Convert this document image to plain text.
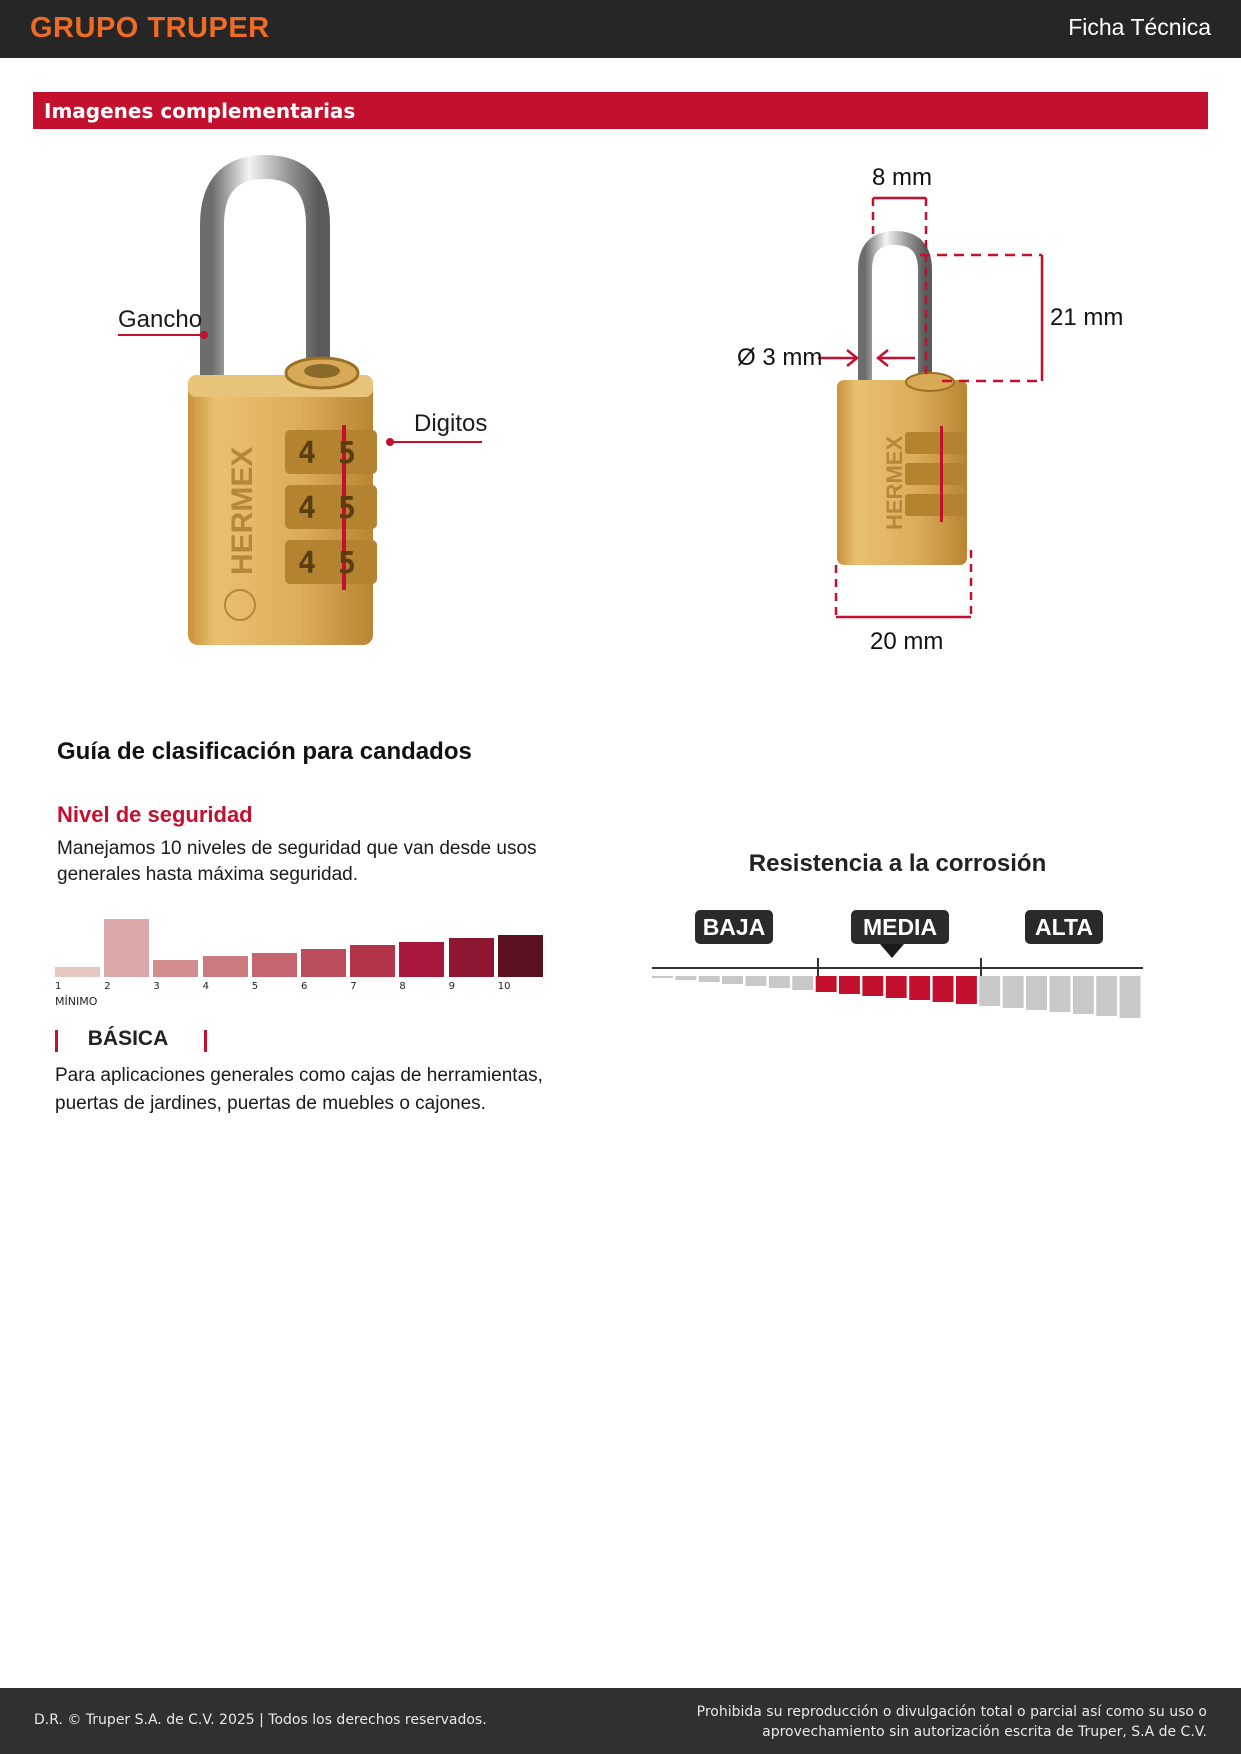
GRUPO TRUPER	Ficha Técnica
Imagenes complementarias
4 5
4 5
4 5
HERMEX
Gancho
Digitos
HERMEX
8 mm
21 mm
Ø 3 mm
20 mm
Guía de clasificación para candados
Nivel de seguridad
Manejamos 10 niveles de seguridad que van desde usos generales hasta máxima seguridad.
1	2	3	4	5	6	7	8	9	10
MÍNIMO
BÁSICA
Para aplicaciones generales como cajas de herramientas, puertas de jardines, puertas de muebles o cajones.
Resistencia a la corrosión
BAJA	MEDIA	ALTA
D.R. © Truper S.A. de C.V. 2025 | Todos los derechos reservados.	Prohibida su reproducción o divulgación total o parcial así como su uso o
aprovechamiento sin autorización escrita de Truper, S.A de C.V.
